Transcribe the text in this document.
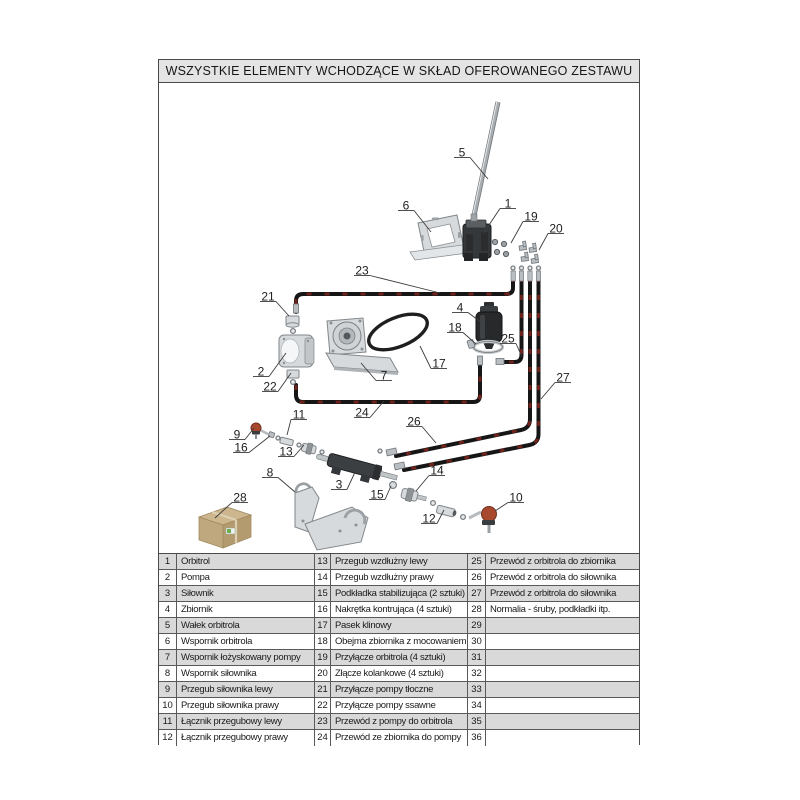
WSZYSTKIE ELEMENTY WCHODZĄCE W SKŁAD OFEROWANEGO ZESTAWU
5
6	1
19
20
23
21
2
22
7
17
4
18
25
27
24
26
11
9
16	13
3
8
15
14
12
10
28
1	Orbitrol	13 Przegub wzdłużny lewy	25 Przewód z orbitrola do zbiornika
2	Pompa	14 Przegub wzdłużny prawy	26 Przewód z orbitrola do siłownika
3	Siłownik	15 Podkładka stabilizująca (2 sztuki) 27 Przewód z orbitrola do siłownika
4	Zbiornik	16 Nakrętka kontrująca (4 sztuki)	28 Normalia - śruby, podkładki itp.
5	Wałek orbitrola	17 Pasek klinowy	29
6	Wspornik orbitrola	18 Obejma zbiornika z mocowaniem 30
7	Wspornik łożyskowany pompy	19 Przyłącze orbitrola (4 sztuki)	31
8	Wspornik siłownika	20 Złącze kolankowe (4 sztuki)	32
9	Przegub siłownika lewy	21 Przyłącze pompy tłoczne	33
10 Przegub siłownika prawy	22 Przyłącze pompy ssawne	34
11 Łącznik przegubowy lewy	23 Przewód z pompy do orbitrola	35
12 Łącznik przegubowy prawy	24 Przewód ze zbiornika do pompy	36
